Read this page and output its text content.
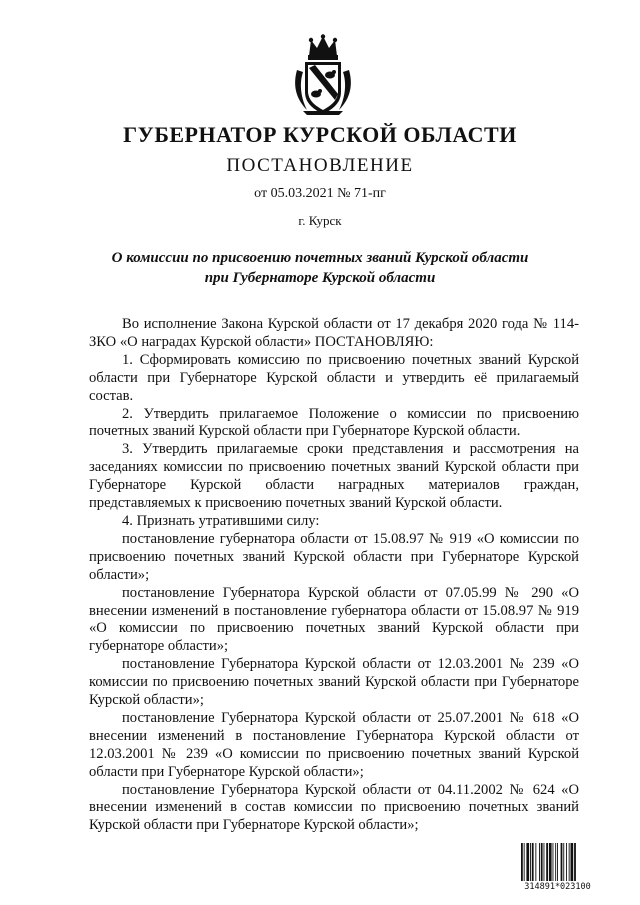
ГУБЕРНАТОР КУРСКОЙ ОБЛАСТИ
ПОСТАНОВЛЕНИЕ
от 05.03.2021 № 71-пг
г. Курск
О комиссии по присвоению почетных званий Курской области при Губернаторе Курской области

Во исполнение Закона Курской области от 17 декабря 2020 года № 114-ЗКО «О наградах Курской области» ПОСТАНОВЛЯЮ:

1. Сформировать комиссию по присвоению почетных званий Курской области при Губернаторе Курской области и утвердить её прилагаемый состав.

2. Утвердить прилагаемое Положение о комиссии по присвоению почетных званий Курской области при Губернаторе Курской области.

3. Утвердить прилагаемые сроки представления и рассмотрения на заседаниях комиссии по присвоению почетных званий Курской области при Губернаторе Курской области наградных материалов граждан, представляемых к присвоению почетных званий Курской области.

4. Признать утратившими силу:

постановление губернатора области от 15.08.97 № 919 «О комиссии по присвоению почетных званий Курской области при Губернаторе Курской области»;

постановление Губернатора Курской области от 07.05.99 № 290 «О внесении изменений в постановление губернатора области от 15.08.97 № 919 «О комиссии по присвоению почетных званий Курской области при губернаторе области»;

постановление Губернатора Курской области от 12.03.2001 № 239 «О комиссии по присвоению почетных званий Курской области при Губернаторе Курской области»;

постановление Губернатора Курской области от 25.07.2001 № 618 «О внесении изменений в постановление Губернатора Курской области от 12.03.2001 № 239 «О комиссии по присвоению почетных званий Курской области при Губернаторе Курской области»;

постановление Губернатора Курской области от 04.11.2002 № 624 «О внесении изменений в состав комиссии по присвоению почетных званий Курской области при Губернаторе Курской области»;

314891*023100
